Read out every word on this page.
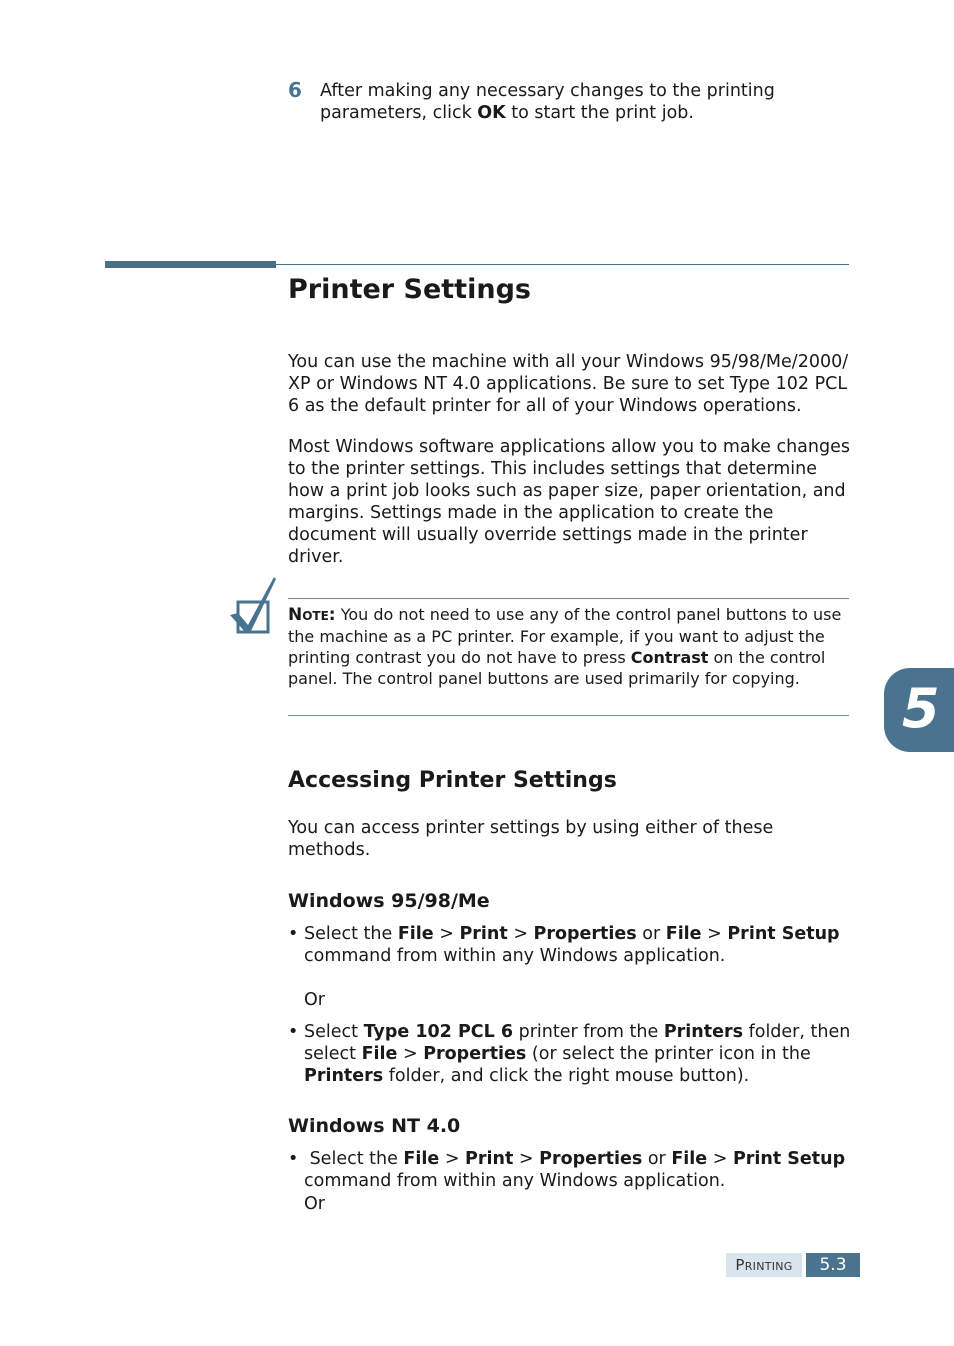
6 After making any necessary changes to the printing parameters, click OK to start the print job.
Printer Settings

You can use the machine with all your Windows 95/98/Me/2000/ XP or Windows NT 4.0 applications. Be sure to set Type 102 PCL 6 as the default printer for all of your Windows operations.

Most Windows software applications allow you to make changes to the printer settings. This includes settings that determine how a print job looks such as paper size, paper orientation, and margins. Settings made in the application to create the document will usually override settings made in the printer driver.

Note: You do not need to use any of the control panel buttons to use the machine as a PC printer. For example, if you want to adjust the printing contrast you do not have to press Contrast on the control panel. The control panel buttons are used primarily for copying.	5
Accessing Printer Settings

You can access printer settings by using either of these methods.

Windows 95/98/Me
• Select the File > Print > Properties or File > Print Setup command from within any Windows application.
Or
• Select Type 102 PCL 6 printer from the Printers folder, then select File > Properties (or select the printer icon in the Printers folder, and click the right mouse button).
Windows NT 4.0
• Select the File > Print > Properties or File > Print Setup command from within any Windows application.
Or
Printing	5.3
